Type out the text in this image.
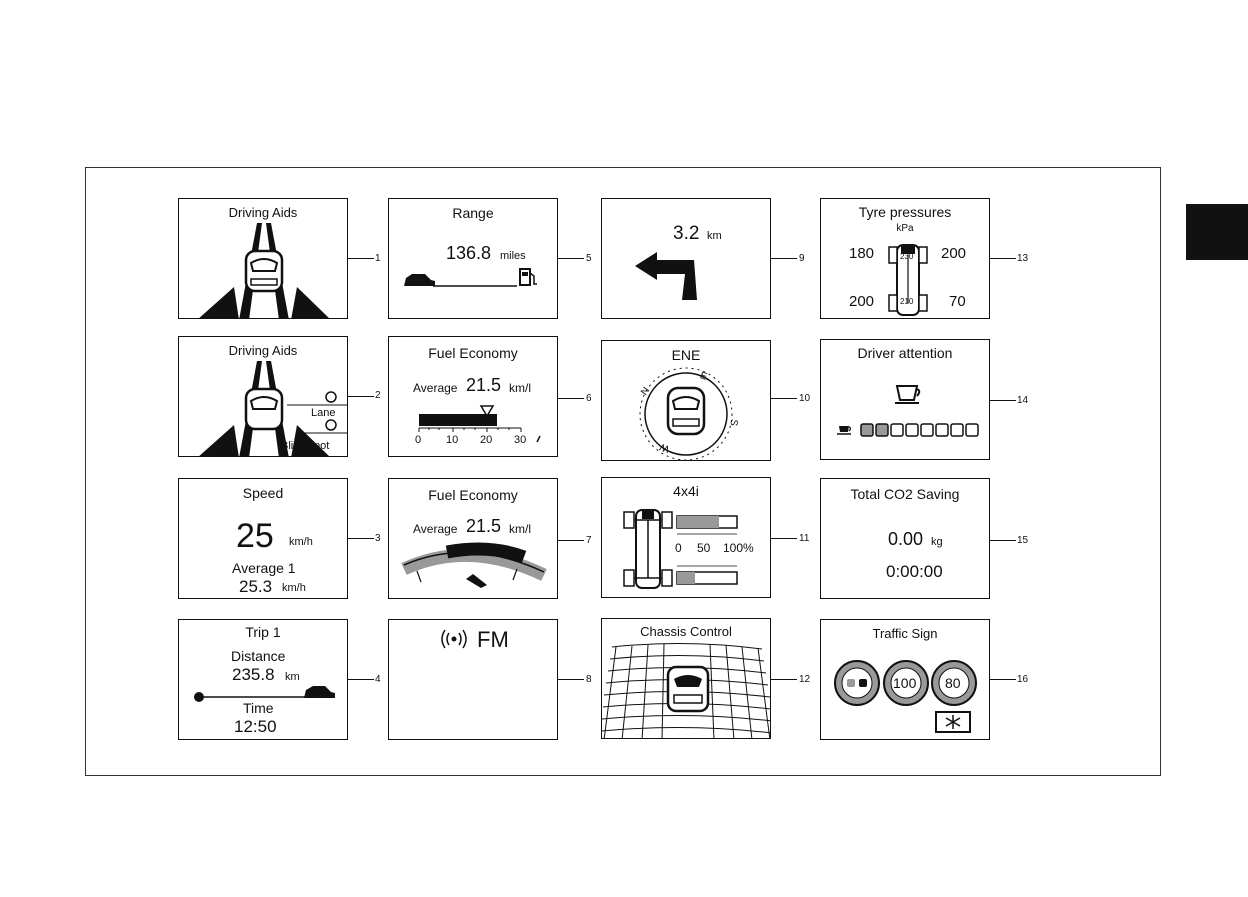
Driving Aids
Driving Aids
Lane
Blind spot
Speed
25 km/h
Average 1
25.3 km/h
Trip 1
Distance
235.8 km
Time
12:50
Range
136.8 miles
Fuel Economy
Average 21.5 km/l
0 10 20 30
Fuel Economy
Average 21.5 km/l
FM
3.2 km
ENE
N
E
S
W
4x4i
0 50 100%
Chassis Control
Tyre pressures
kPa
180	200
200	70
230
210
Driver attention
Total CO2 Saving
0.00 kg
0:00:00
Traffic Sign
100 80
1
2
3
4
5
6
7
8
9
10
11
12
13
14
15
16
